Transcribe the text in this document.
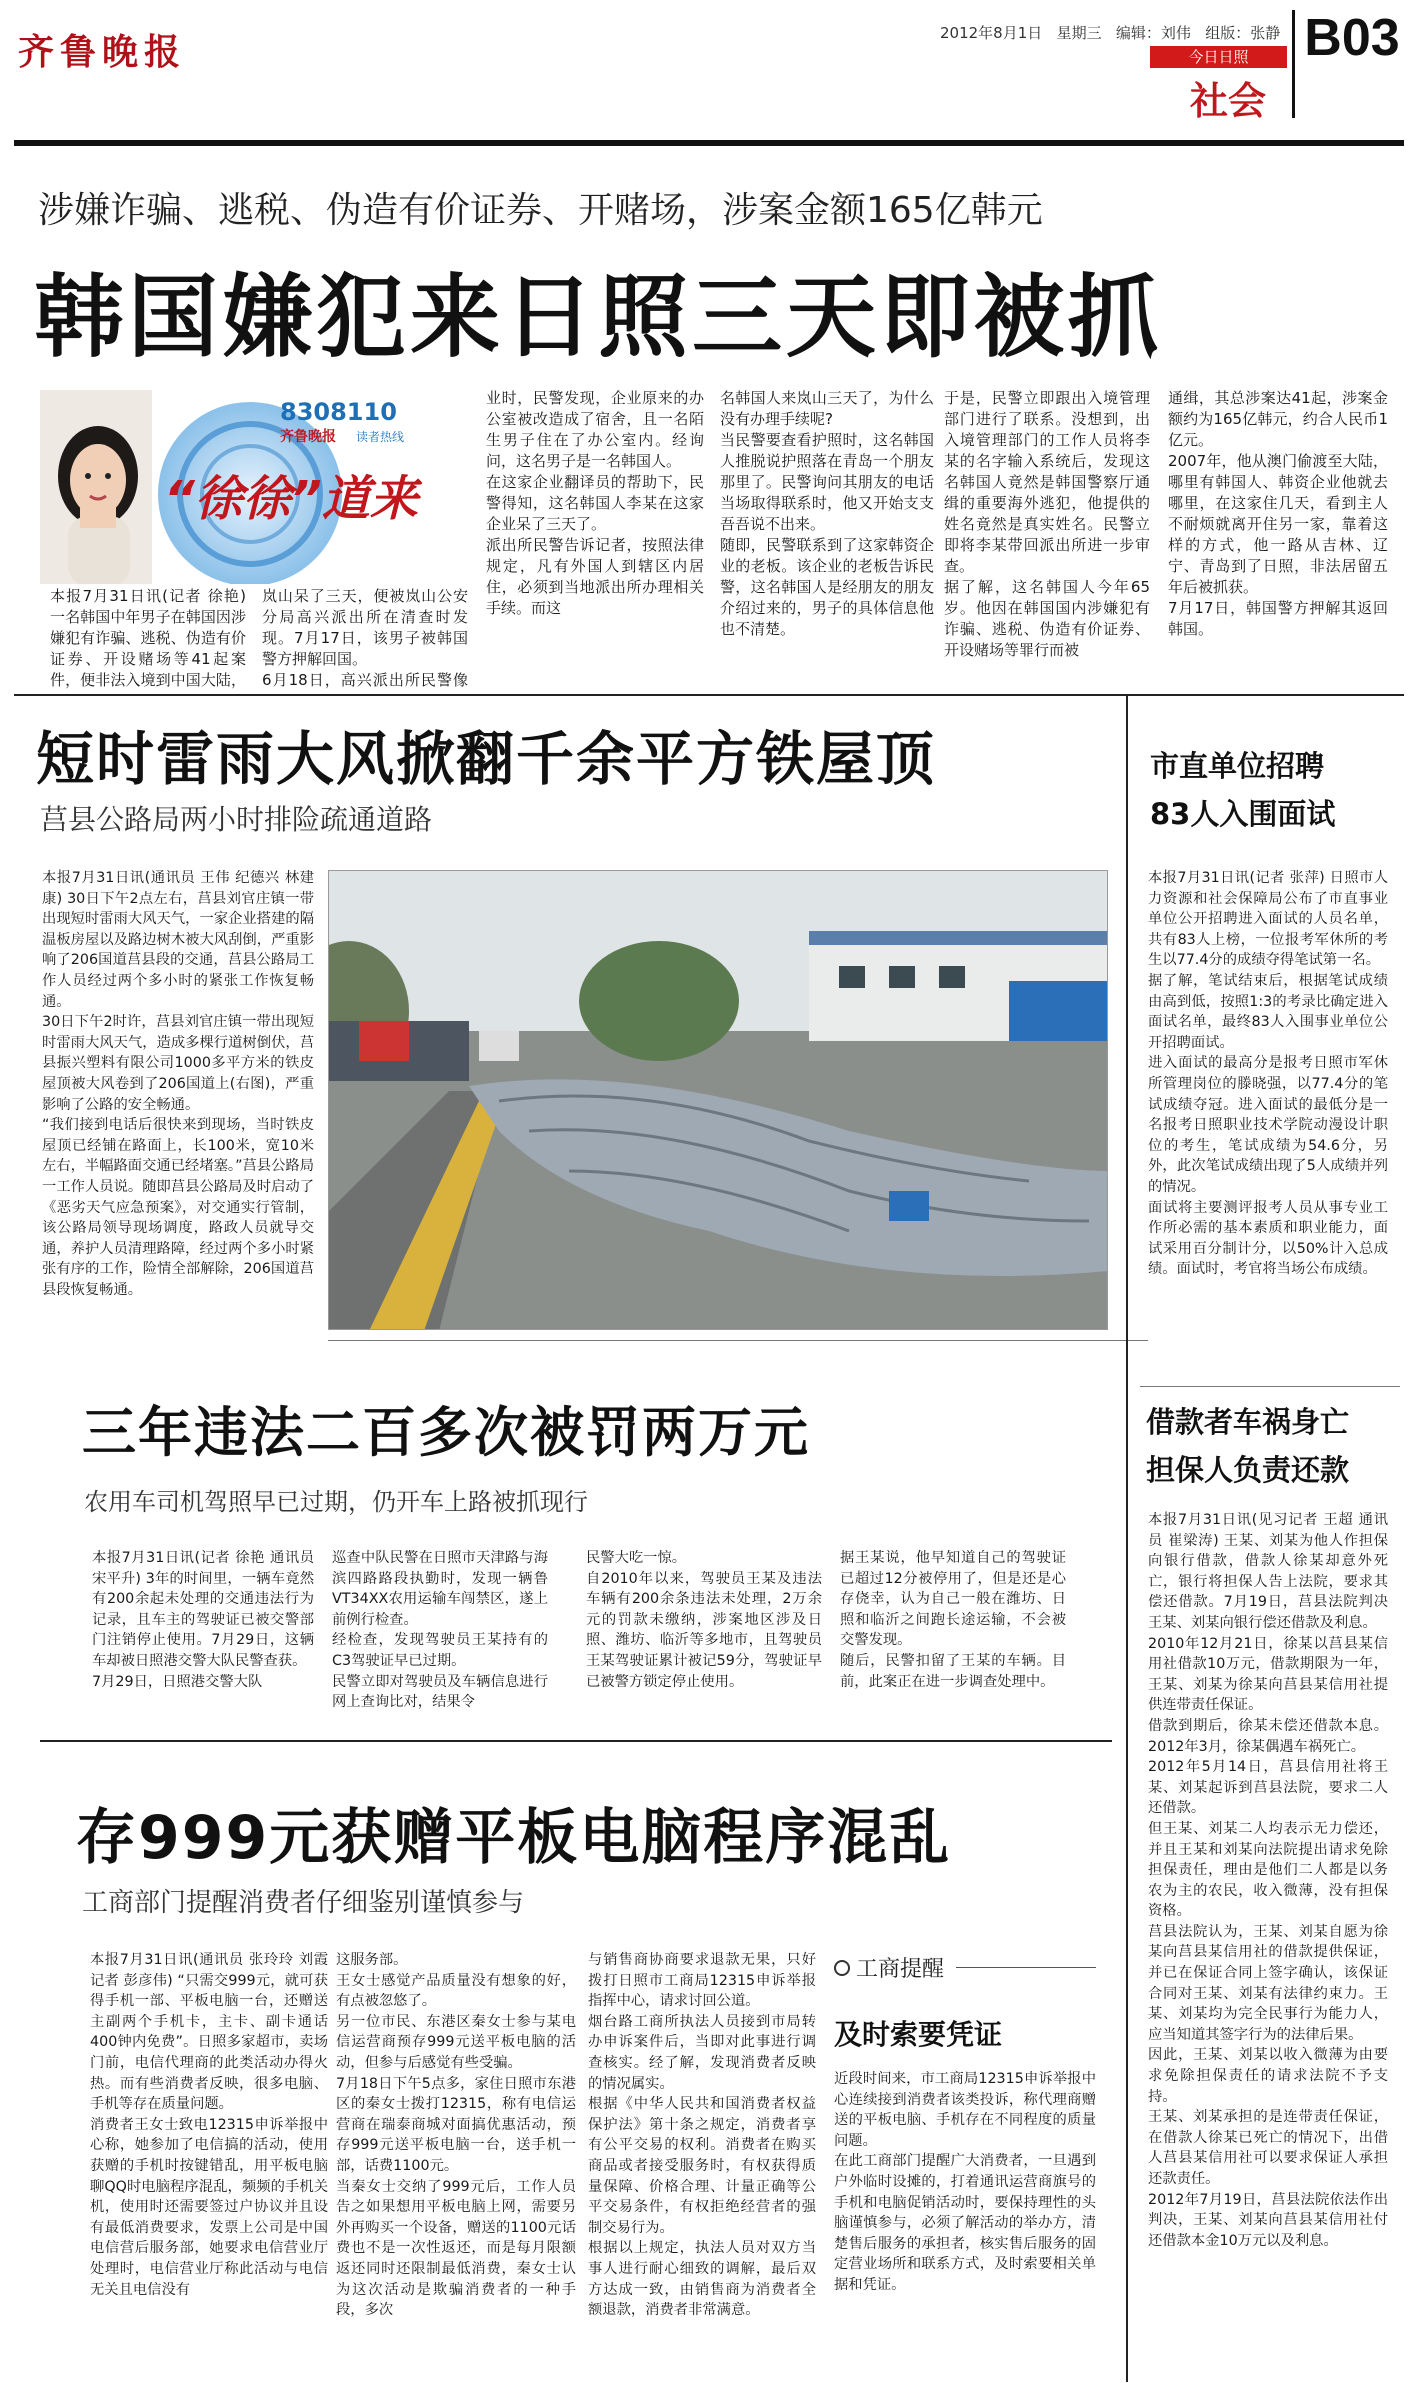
齐鲁晚报	2012年8月1日 星期三 编辑：刘伟 组版：张静
今日日照
社会
B03
涉嫌诈骗、逃税、伪造有价证券、开赌场，涉案金额165亿韩元
韩国嫌犯来日照三天即被抓
8308110
齐鲁晚报 读者热线
“徐徐”道来

本报7月31日讯(记者 徐艳) 一名韩国中年男子在韩国因涉嫌犯有诈骗、逃税、伪造有价证券、开设赌场等41起案件，便非法入境到中国大陆，

岚山呆了三天，便被岚山公安分局高兴派出所在清查时发现。7月17日，该男子被韩国警方押解回国。
6月18日，高兴派出所民警像
业时，民警发现，企业原来的办公室被改造成了宿舍，且一名陌生男子住在了办公室内。经询问，这名男子是一名韩国人。
在这家企业翻译员的帮助下，民警得知，这名韩国人李某在这家企业呆了三天了。
派出所民警告诉记者，按照法律规定，凡有外国人到辖区内居住，必须到当地派出所办理相关手续。而这
名韩国人来岚山三天了，为什么没有办理手续呢?
当民警要查看护照时，这名韩国人推脱说护照落在青岛一个朋友那里了。民警询问其朋友的电话当场取得联系时，他又开始支支吾吾说不出来。
随即，民警联系到了这家韩资企业的老板。该企业的老板告诉民警，这名韩国人是经朋友的朋友介绍过来的，男子的具体信息他也不清楚。
于是，民警立即跟出入境管理部门进行了联系。没想到，出入境管理部门的工作人员将李某的名字输入系统后，发现这名韩国人竟然是韩国警察厅通缉的重要海外逃犯，他提供的姓名竟然是真实姓名。民警立即将李某带回派出所进一步审查。
据了解，这名韩国人今年65岁。他因在韩国国内涉嫌犯有诈骗、逃税、伪造有价证券、开设赌场等罪行而被
通缉，其总涉案达41起，涉案金额约为165亿韩元，约合人民币1亿元。
2007年，他从澳门偷渡至大陆，哪里有韩国人、韩资企业他就去哪里，在这家住几天，看到主人不耐烦就离开住另一家，靠着这样的方式，他一路从吉林、辽宁、青岛到了日照，非法居留五年后被抓获。
7月17日，韩国警方押解其返回韩国。
短时雷雨大风掀翻千余平方铁屋顶
莒县公路局两小时排险疏通道路
本报7月31日讯(通讯员 王伟 纪德兴 林建康) 30日下午2点左右，莒县刘官庄镇一带出现短时雷雨大风天气，一家企业搭建的隔温板房屋以及路边树木被大风刮倒，严重影响了206国道莒县段的交通，莒县公路局工作人员经过两个多小时的紧张工作恢复畅通。
30日下午2时许，莒县刘官庄镇一带出现短时雷雨大风天气，造成多棵行道树倒伏，莒县振兴塑料有限公司1000多平方米的铁皮屋顶被大风卷到了206国道上(右图)，严重影响了公路的安全畅通。
“我们接到电话后很快来到现场，当时铁皮屋顶已经铺在路面上，长100米，宽10米左右，半幅路面交通已经堵塞。”莒县公路局一工作人员说。随即莒县公路局及时启动了《恶劣天气应急预案》，对交通实行管制，该公路局领导现场调度，路政人员就导交通，养护人员清理路障，经过两个多小时紧张有序的工作，险情全部解除，206国道莒县段恢复畅通。
三年违法二百多次被罚两万元
农用车司机驾照早已过期，仍开车上路被抓现行
本报7月31日讯(记者 徐艳 通讯员 宋平升) 3年的时间里，一辆车竟然有200余起未处理的交通违法行为记录，且车主的驾驶证已被交警部门注销停止使用。7月29日，这辆车却被日照港交警大队民警查获。
7月29日，日照港交警大队
巡查中队民警在日照市天津路与海滨四路路段执勤时，发现一辆鲁VT34XX农用运输车闯禁区，遂上前例行检查。
经检查，发现驾驶员王某持有的C3驾驶证早已过期。
民警立即对驾驶员及车辆信息进行网上查询比对，结果令
民警大吃一惊。
自2010年以来，驾驶员王某及违法车辆有200余条违法未处理，2万余元的罚款未缴纳，涉案地区涉及日照、潍坊、临沂等多地市，且驾驶员王某驾驶证累计被记59分，驾驶证早已被警方锁定停止使用。
据王某说，他早知道自己的驾驶证已超过12分被停用了，但是还是心存侥幸，认为自己一般在潍坊、日照和临沂之间跑长途运输，不会被交警发现。
随后，民警扣留了王某的车辆。目前，此案正在进一步调查处理中。
存999元获赠平板电脑程序混乱
工商部门提醒消费者仔细鉴别谨慎参与
本报7月31日讯(通讯员 张玲玲 刘霞 记者 彭彦伟) “只需交999元，就可获得手机一部、平板电脑一台，还赠送主副两个手机卡，主卡、副卡通话400钟内免费”。日照多家超市，卖场门前，电信代理商的此类活动办得火热。而有些消费者反映，很多电脑、手机等存在质量问题。
消费者王女士致电12315申诉举报中心称，她参加了电信搞的活动，使用获赠的手机时按键错乱，用平板电脑聊QQ时电脑程序混乱，频频的手机关机，使用时还需要签过户协议并且设有最低消费要求，发票上公司是中国电信营后服务部，她要求电信营业厅处理时，电信营业厅称此活动与电信无关且电信没有
这服务部。
王女士感觉产品质量没有想象的好，有点被忽悠了。
另一位市民、东港区秦女士参与某电信运营商预存999元送平板电脑的活动，但参与后感觉有些受骗。
7月18日下午5点多，家住日照市东港区的秦女士拨打12315，称有电信运营商在瑞泰商城对面搞优惠活动，预存999元送平板电脑一台，送手机一部，话费1100元。
当秦女士交纳了999元后，工作人员告之如果想用平板电脑上网，需要另外再购买一个设备，赠送的1100元话费也不是一次性返还，而是每月限额返还同时还限制最低消费，秦女士认为这次活动是欺骗消费者的一种手段，多次
与销售商协商要求退款无果，只好拨打日照市工商局12315申诉举报指挥中心，请求讨回公道。
烟台路工商所执法人员接到市局转办申诉案件后，当即对此事进行调查核实。经了解，发现消费者反映的情况属实。
根据《中华人民共和国消费者权益保护法》第十条之规定，消费者享有公平交易的权利。消费者在购买商品或者接受服务时，有权获得质量保障、价格合理、计量正确等公平交易条件，有权拒绝经营者的强制交易行为。
根据以上规定，执法人员对双方当事人进行耐心细致的调解，最后双方达成一致，由销售商为消费者全额退款，消费者非常满意。
工商提醒
及时索要凭证
近段时间来，市工商局12315申诉举报中心连续接到消费者该类投诉，称代理商赠送的平板电脑、手机存在不同程度的质量问题。
在此工商部门提醒广大消费者，一旦遇到户外临时设摊的，打着通讯运营商旗号的手机和电脑促销活动时，要保持理性的头脑谨慎参与，必须了解活动的举办方，清楚售后服务的承担者，核实售后服务的固定营业场所和联系方式，及时索要相关单据和凭证。
市直单位招聘
83人入围面试
本报7月31日讯(记者 张萍) 日照市人力资源和社会保障局公布了市直事业单位公开招聘进入面试的人员名单，共有83人上榜，一位报考军休所的考生以77.4分的成绩夺得笔试第一名。
据了解，笔试结束后，根据笔试成绩由高到低，按照1:3的考录比确定进入面试名单，最终83人入围事业单位公开招聘面试。
进入面试的最高分是报考日照市军休所管理岗位的滕晓强，以77.4分的笔试成绩夺冠。进入面试的最低分是一名报考日照职业技术学院动漫设计职位的考生，笔试成绩为54.6分，另外，此次笔试成绩出现了5人成绩并列的情况。
面试将主要测评报考人员从事专业工作所必需的基本素质和职业能力，面试采用百分制计分，以50%计入总成绩。面试时，考官将当场公布成绩。
借款者车祸身亡
担保人负责还款
本报7月31日讯(见习记者 王超 通讯员 崔梁涛) 王某、刘某为他人作担保向银行借款，借款人徐某却意外死亡，银行将担保人告上法院，要求其偿还借款。7月19日，莒县法院判决王某、刘某向银行偿还借款及利息。
2010年12月21日，徐某以莒县某信用社借款10万元，借款期限为一年，王某、刘某为徐某向莒县某信用社提供连带责任保证。
借款到期后，徐某未偿还借款本息。2012年3月，徐某偶遇车祸死亡。
2012年5月14日，莒县信用社将王某、刘某起诉到莒县法院，要求二人还借款。
但王某、刘某二人均表示无力偿还，并且王某和刘某向法院提出请求免除担保责任，理由是他们二人都是以务农为主的农民，收入微薄，没有担保资格。
莒县法院认为，王某、刘某自愿为徐某向莒县某信用社的借款提供保证，并已在保证合同上签字确认，该保证合同对王某、刘某有法律约束力。王某、刘某均为完全民事行为能力人，应当知道其签字行为的法律后果。
因此，王某、刘某以收入微薄为由要求免除担保责任的请求法院不予支持。
王某、刘某承担的是连带责任保证，在借款人徐某已死亡的情况下，出借人莒县某信用社可以要求保证人承担还款责任。
2012年7月19日，莒县法院依法作出判决，王某、刘某向莒县某信用社付还借款本金10万元以及利息。
